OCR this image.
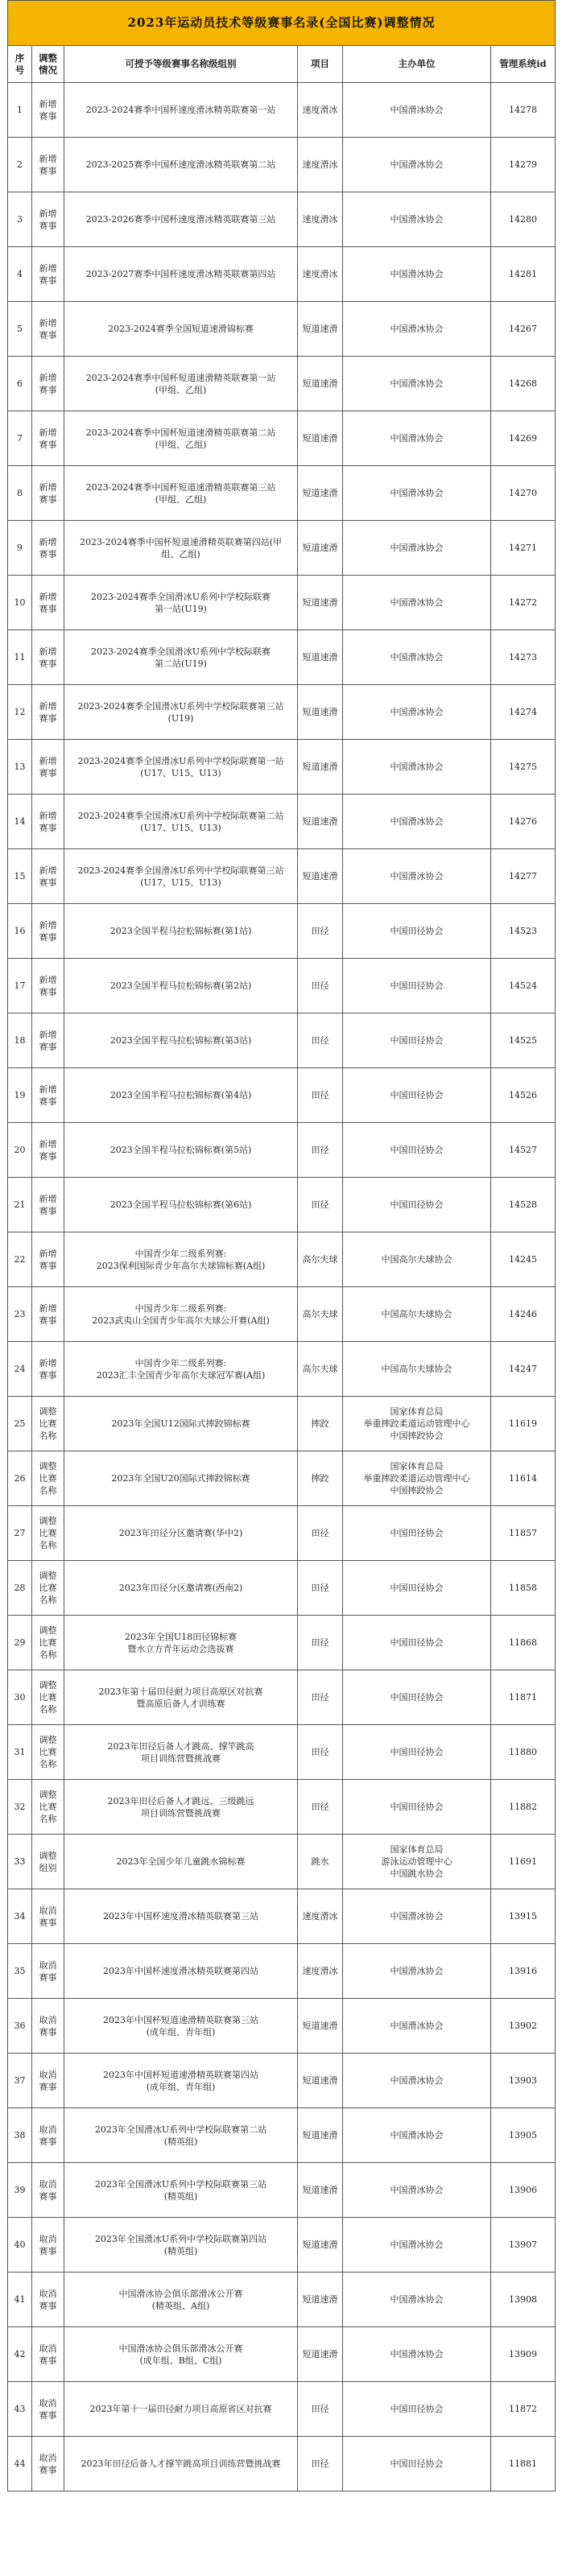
2023年运动员技术等级赛事名录(全国比赛)调整情况					
序号	调整情况	可授予等级赛事名称级组别	项目	主办单位	管理系统id
1	新增赛事	2023-2024赛季中国杯速度滑冰精英联赛第一站	速度滑冰	中国滑冰协会	14278
2	新增赛事	2023-2025赛季中国杯速度滑冰精英联赛第二站	速度滑冰	中国滑冰协会	14279
3	新增赛事	2023-2026赛季中国杯速度滑冰精英联赛第三站	速度滑冰	中国滑冰协会	14280
4	新增赛事	2023-2027赛季中国杯速度滑冰精英联赛第四站	速度滑冰	中国滑冰协会	14281
5	新增赛事	2023-2024赛季全国短道速滑锦标赛	短道速滑	中国滑冰协会	14267
6	新增赛事	2023-2024赛季中国杯短道速滑精英联赛第一站
(甲组、乙组)	短道速滑	中国滑冰协会	14268
7	新增赛事	2023-2024赛季中国杯短道速滑精英联赛第二站
(甲组、乙组)	短道速滑	中国滑冰协会	14269
8	新增赛事	2023-2024赛季中国杯短道速滑精英联赛第三站
(甲组、乙组)	短道速滑	中国滑冰协会	14270
9	新增赛事	2023-2024赛季中国杯短道速滑精英联赛第四站(甲
组、乙组)	短道速滑	中国滑冰协会	14271
10	新增赛事	2023-2024赛季全国滑冰U系列中学校际联赛
第一站(U19)	短道速滑	中国滑冰协会	14272
11	新增赛事	2023-2024赛季全国滑冰U系列中学校际联赛
第二站(U19)	短道速滑	中国滑冰协会	14273
12	新增赛事	2023-2024赛季全国滑冰U系列中学校际联赛第三站
(U19)	短道速滑	中国滑冰协会	14274
13	新增赛事	2023-2024赛季全国滑冰U系列中学校际联赛第一站
(U17、U15、U13)	短道速滑	中国滑冰协会	14275
14	新增赛事	2023-2024赛季全国滑冰U系列中学校际联赛第二站
(U17、U15、U13)	短道速滑	中国滑冰协会	14276
15	新增赛事	2023-2024赛季全国滑冰U系列中学校际联赛第三站
(U17、U15、U13)	短道速滑	中国滑冰协会	14277
16	新增赛事	2023全国半程马拉松锦标赛(第1站)	田径	中国田径协会	14523
17	新增赛事	2023全国半程马拉松锦标赛(第2站)	田径	中国田径协会	14524
18	新增赛事	2023全国半程马拉松锦标赛(第3站)	田径	中国田径协会	14525
19	新增赛事	2023全国半程马拉松锦标赛(第4站)	田径	中国田径协会	14526
20	新增赛事	2023全国半程马拉松锦标赛(第5站)	田径	中国田径协会	14527
21	新增赛事	2023全国半程马拉松锦标赛(第6站)	田径	中国田径协会	14528
22	新增赛事	中国青少年二级系列赛:
2023保利国际青少年高尔夫球锦标赛(A组)	高尔夫球	中国高尔夫球协会	14245
23	新增赛事	中国青少年二级系列赛:
2023武夷山全国青少年高尔夫球公开赛(A组)	高尔夫球	中国高尔夫球协会	14246
24	新增赛事	中国青少年二级系列赛:
2023汇丰全国青少年高尔夫球冠军赛(A组)	高尔夫球	中国高尔夫球协会	14247
25	调整比赛名称	2023年全国U12国际式摔跤锦标赛	摔跤	国家体育总局
举重摔跤柔道运动管理中心
中国摔跤协会	11619
26	调整比赛名称	2023年全国U20国际式摔跤锦标赛	摔跤	国家体育总局
举重摔跤柔道运动管理中心
中国摔跤协会	11614
27	调整比赛名称	2023年田径分区邀请赛(华中2)	田径	中国田径协会	11857
28	调整比赛名称	2023年田径分区邀请赛(西南2)	田径	中国田径协会	11858
29	调整比赛名称	2023年全国U18田径锦标赛
暨水立方青年运动会选拔赛	田径	中国田径协会	11868
30	调整比赛名称	2023年第十届田径耐力项目高原区对抗赛
暨高原后备人才训练赛	田径	中国田径协会	11871
31	调整比赛名称	2023年田径后备人才跳高、撑竿跳高
项目训练营暨挑战赛	田径	中国田径协会	11880
32	调整比赛名称	2023年田径后备人才跳远、三级跳远
项目训练营暨挑战赛	田径	中国田径协会	11882
33	调整组别	2023年全国少年儿童跳水锦标赛	跳水	国家体育总局
游泳运动管理中心
中国跳水协会	11691
34	取消赛事	2023年中国杯速度滑冰精英联赛第三站	速度滑冰	中国滑冰协会	13915
35	取消赛事	2023年中国杯速度滑冰精英联赛第四站	速度滑冰	中国滑冰协会	13916
36	取消赛事	2023年中国杯短道速滑精英联赛第三站
(成年组、青年组)	短道速滑	中国滑冰协会	13902
37	取消赛事	2023年中国杯短道速滑精英联赛第四站
(成年组、青年组)	短道速滑	中国滑冰协会	13903
38	取消赛事	2023年全国滑冰U系列中学校际联赛第二站
(精英组)	短道速滑	中国滑冰协会	13905
39	取消赛事	2023年全国滑冰U系列中学校际联赛第三站
(精英组)	短道速滑	中国滑冰协会	13906
40	取消赛事	2023年全国滑冰U系列中学校际联赛第四站
(精英组)	短道速滑	中国滑冰协会	13907
41	取消赛事	中国滑冰协会俱乐部滑冰公开赛
(精英组、A组)	短道速滑	中国滑冰协会	13908
42	取消赛事	中国滑冰协会俱乐部滑冰公开赛
(成年组、B组、C组)	短道速滑	中国滑冰协会	13909
43	取消赛事	2023年第十一届田径耐力项目高原省区对抗赛	田径	中国田径协会	11872
44	取消赛事	2023年田径后备人才撑竿跳高项目训练营暨挑战赛	田径	中国田径协会	11881
